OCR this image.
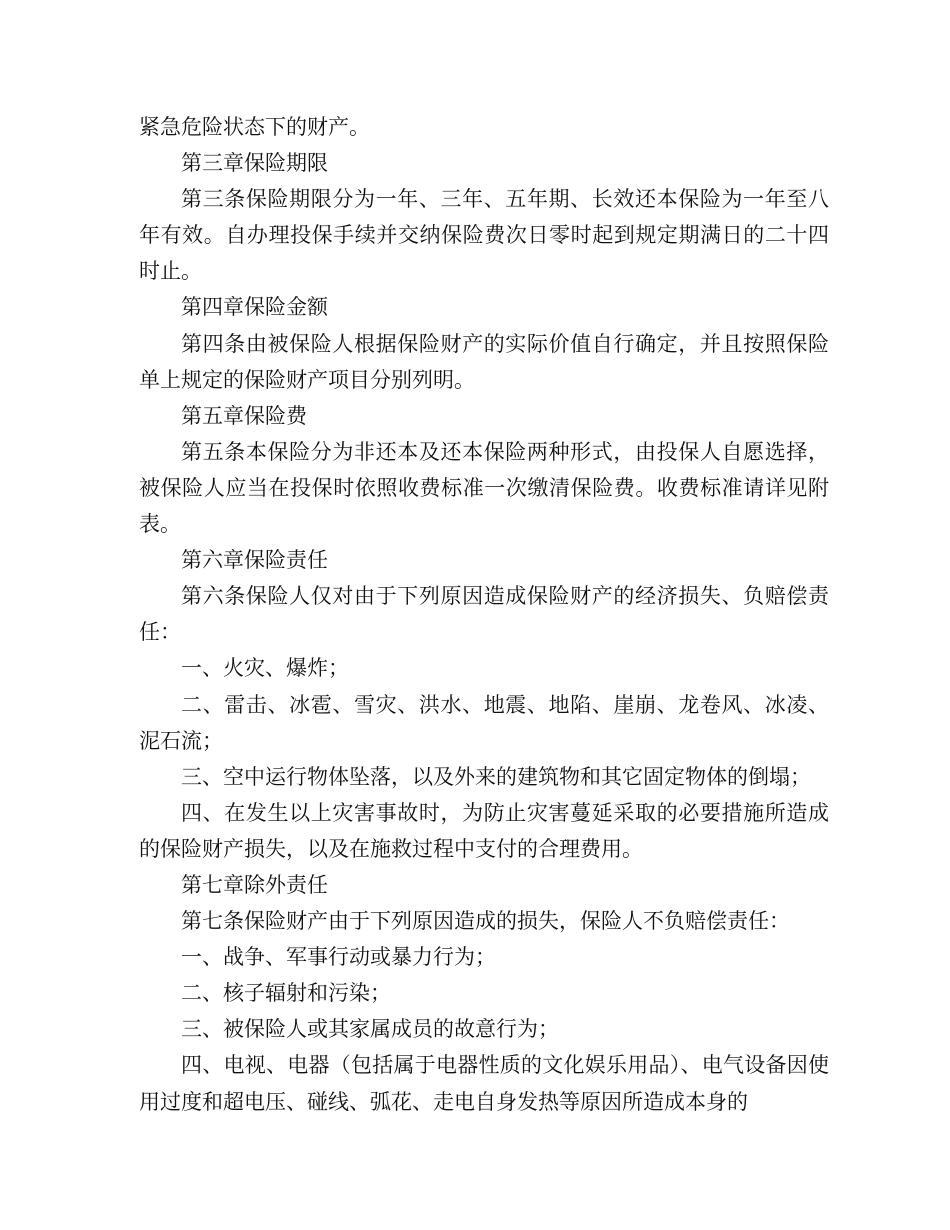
紧急危险状态下的财产。

第三章保险期限

第三条保险期限分为一年、三年、五年期、长效还本保险为一年至八年有效。自办理投保手续并交纳保险费次日零时起到规定期满日的二十四时止。

第四章保险金额

第四条由被保险人根据保险财产的实际价值自行确定，并且按照保险单上规定的保险财产项目分别列明。

第五章保险费

第五条本保险分为非还本及还本保险两种形式，由投保人自愿选择，被保险人应当在投保时依照收费标准一次缴清保险费。收费标准请详见附表。

第六章保险责任

第六条保险人仅对由于下列原因造成保险财产的经济损失、负赔偿责任：

一、火灾、爆炸；

二、雷击、冰雹、雪灾、洪水、地震、地陷、崖崩、龙卷风、冰凌、泥石流；

三、空中运行物体坠落，以及外来的建筑物和其它固定物体的倒塌；

四、在发生以上灾害事故时，为防止灾害蔓延采取的必要措施所造成的保险财产损失，以及在施救过程中支付的合理费用。

第七章除外责任

第七条保险财产由于下列原因造成的损失，保险人不负赔偿责任：

一、战争、军事行动或暴力行为；

二、核子辐射和污染；

三、被保险人或其家属成员的故意行为；

四、电视、电器（包括属于电器性质的文化娱乐用品）、电气设备因使用过度和超电压、碰线、弧花、走电自身发热等原因所造成本身的
